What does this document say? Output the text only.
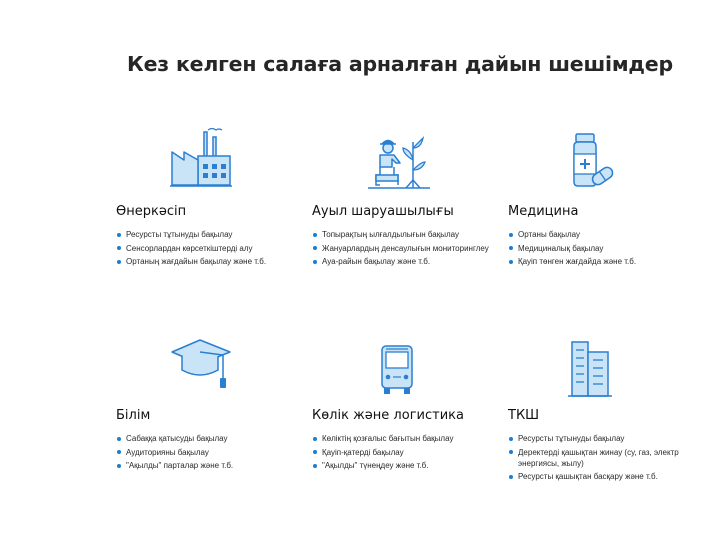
Кез келген салаға арналған дайын шешімдер
Өнеркәсіп
Ресурсты тұтынуды бақылау
Сенсорлардан көрсеткіштерді алу
Ортаның жағдайын бақылау және т.б.
Ауыл шаруашылығы
Топырақтың ылғалдылығын бақылау
Жануарлардың денсаулығын мониторинглеу
Ауа-райын бақылау және т.б.
Медицина
Ортаны бақылау
Медициналық бақылау
Қауіп төнген жағдайда және т.б.
Білім
Сабаққа қатысуды бақылау
Аудиторияны бақылау
"Ақылды" парталар және т.б.
Көлік және логистика
Көліктің қозғалыс бағытын бақылау
Қауіп-қатерді бақылау
"Ақылды" түнеңдеу және т.б.
ТКШ
Ресурсты тұтынуды бақылау
Деректерді қашықтан жинау (су, газ, электр энергиясы, жылу)
Ресурсты қашықтан басқару және т.б.
